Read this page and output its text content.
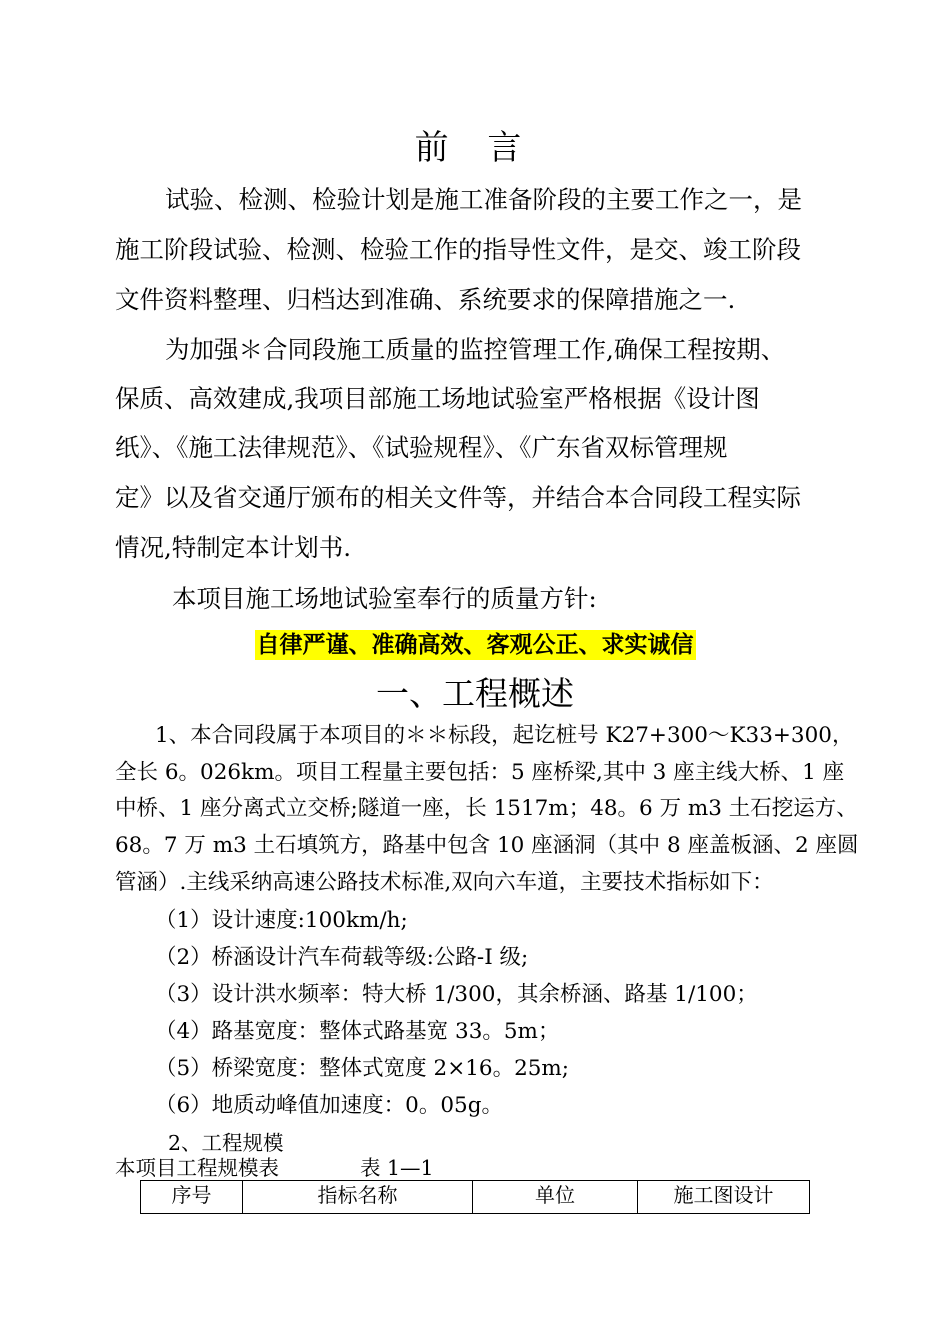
前 言
试验、检测、检验计划是施工准备阶段的主要工作之一，是
施工阶段试验、检测、检验工作的指导性文件，是交、竣工阶段
文件资料整理、归档达到准确、系统要求的保障措施之一.
为加强＊合同段施工质量的监控管理工作,确保工程按期、
保质、高效建成,我项目部施工场地试验室严格根据《设计图
纸》、《施工法律规范》、《试验规程》、《广东省双标管理规
定》以及省交通厅颁布的相关文件等，并结合本合同段工程实际
情况,特制定本计划书.
本项目施工场地试验室奉行的质量方针:
自律严谨、准确高效、客观公正、求实诚信
一、工程概述
1、本合同段属于本项目的＊＊标段，起讫桩号 K27+300～K33+300，
全长 6。026km。项目工程量主要包括：5 座桥梁,其中 3 座主线大桥、1 座
中桥、1 座分离式立交桥;隧道一座，长 1517m；48。6 万 m3 土石挖运方、
68。7 万 m3 土石填筑方，路基中包含 10 座涵洞（其中 8 座盖板涵、2 座圆
管涵）.主线采纳高速公路技术标准,双向六车道，主要技术指标如下：
（1）设计速度:100km/h;
（2）桥涵设计汽车荷载等级:公路-Ⅰ 级;
（3）设计洪水频率：特大桥 1/300，其余桥涵、路基 1/100；
（4）路基宽度：整体式路基宽 33。5m；
（5）桥梁宽度：整体式宽度 2×16。25m;
（6）地质动峰值加速度：0。05g。
2、工程规模
本项目工程规模表	表 1—1
序号	指标名称	单位	施工图设计
